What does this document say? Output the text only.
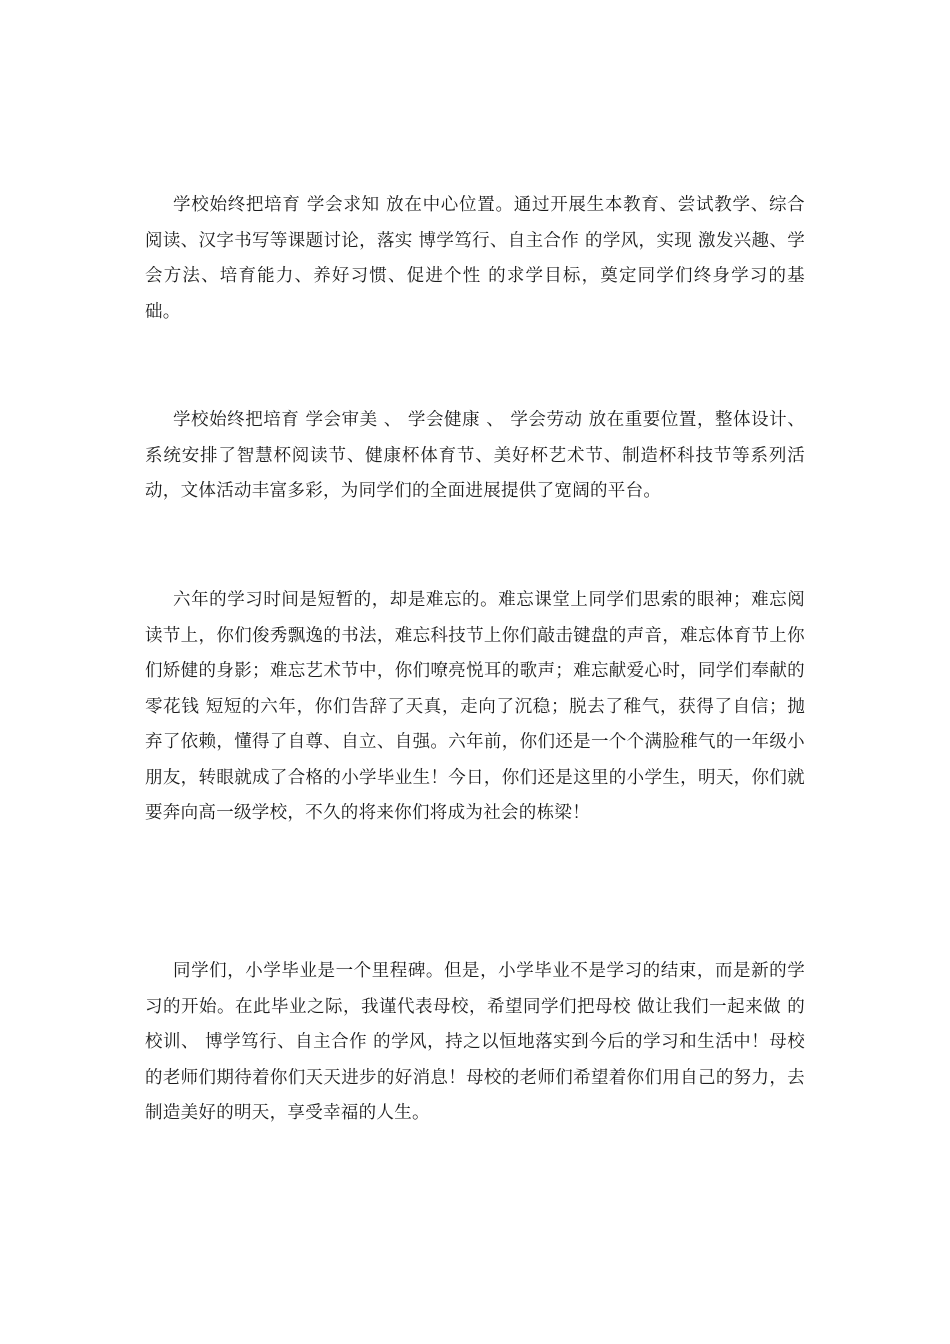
学校始终把培育 学会求知 放在中心位置。通过开展生本教育、尝试教学、综合阅读、汉字书写等课题讨论，落实 博学笃行、自主合作 的学风，实现 激发兴趣、学会方法、培育能力、养好习惯、促进个性 的求学目标，奠定同学们终身学习的基础。

学校始终把培育 学会审美 、 学会健康 、 学会劳动 放在重要位置，整体设计、系统安排了智慧杯阅读节、健康杯体育节、美好杯艺术节、制造杯科技节等系列活动，文体活动丰富多彩，为同学们的全面进展提供了宽阔的平台。

六年的学习时间是短暂的，却是难忘的。难忘课堂上同学们思索的眼神；难忘阅读节上，你们俊秀飘逸的书法，难忘科技节上你们敲击键盘的声音，难忘体育节上你们矫健的身影；难忘艺术节中，你们嘹亮悦耳的歌声；难忘献爱心时，同学们奉献的零花钱 短短的六年，你们告辞了天真，走向了沉稳；脱去了稚气，获得了自信；抛弃了依赖，懂得了自尊、自立、自强。六年前，你们还是一个个满脸稚气的一年级小朋友，转眼就成了合格的小学毕业生！今日，你们还是这里的小学生，明天，你们就要奔向高一级学校，不久的将来你们将成为社会的栋梁！

同学们，小学毕业是一个里程碑。但是，小学毕业不是学习的结束，而是新的学习的开始。在此毕业之际，我谨代表母校，希望同学们把母校 做让我们一起来做 的校训、 博学笃行、自主合作 的学风，持之以恒地落实到今后的学习和生活中！母校的老师们期待着你们天天进步的好消息！母校的老师们希望着你们用自己的努力，去制造美好的明天，享受幸福的人生。
